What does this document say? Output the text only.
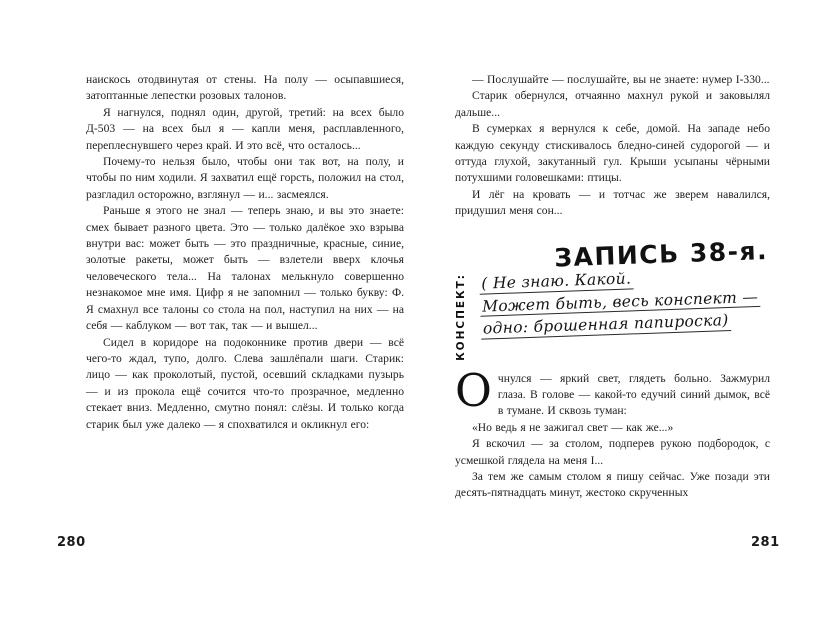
наискось отодвинутая от стены. На полу — осыпавшиеся, затоптанные лепестки розовых талонов.

Я нагнулся, поднял один, другой, третий: на всех было Д-503 — на всех был я — капли меня, расплавленного, переплеснувшего через край. И это всё, что осталось...

Почему-то нельзя было, чтобы они так вот, на полу, и чтобы по ним ходили. Я захватил ещё горсть, положил на стол, разгладил осторожно, взглянул — и... засмеялся.

Раньше я этого не знал — теперь знаю, и вы это знаете: смех бывает разного цвета. Это — только далёкое эхо взрыва внутри вас: может быть — это праздничные, красные, синие, золотые ракеты, может быть — взлетели вверх клочья человеческого тела... На талонах мелькнуло совершенно незнакомое мне имя. Цифр я не запомнил — только букву: Ф. Я смахнул все талоны со стола на пол, наступил на них — на себя — каблуком — вот так, так — и вышел...

Сидел в коридоре на подоконнике против двери — всё чего-то ждал, тупо, долго. Слева зашлёпали шаги. Старик: лицо — как проколотый, пустой, осевший складками пузырь — и из прокола ещё сочится что-то прозрачное, медленно стекает вниз. Медленно, смутно понял: слёзы. И только когда старик был уже далеко — я спохватился и окликнул его:

— Послушайте — послушайте, вы не знаете: нумер I-330...

Старик обернулся, отчаянно махнул рукой и заковылял дальше...

В сумерках я вернулся к себе, домой. На западе небо каждую секунду стискивалось бледно-синей судорогой — и оттуда глухой, закутанный гул. Крыши усыпаны чёрными потухшими головешками: птицы.

И лёг на кровать — и тотчас же зверем навалился, придушил меня сон...

ЗАПИСЬ 38-я.
КОНСПЕКТ: ( Не знаю. Какой.
Может быть, весь конспект —
одно: брошенная папироска)

Очнулся — яркий свет, глядеть больно. Зажмурил глаза. В голове — какой-то едучий синий дымок, всё в тумане. И сквозь туман:

«Но ведь я не зажигал свет — как же...»

Я вскочил — за столом, подперев рукою подбородок, с усмешкой глядела на меня I...

За тем же самым столом я пишу сейчас. Уже позади эти десять-пятнадцать минут, жестоко скрученных

280	281
